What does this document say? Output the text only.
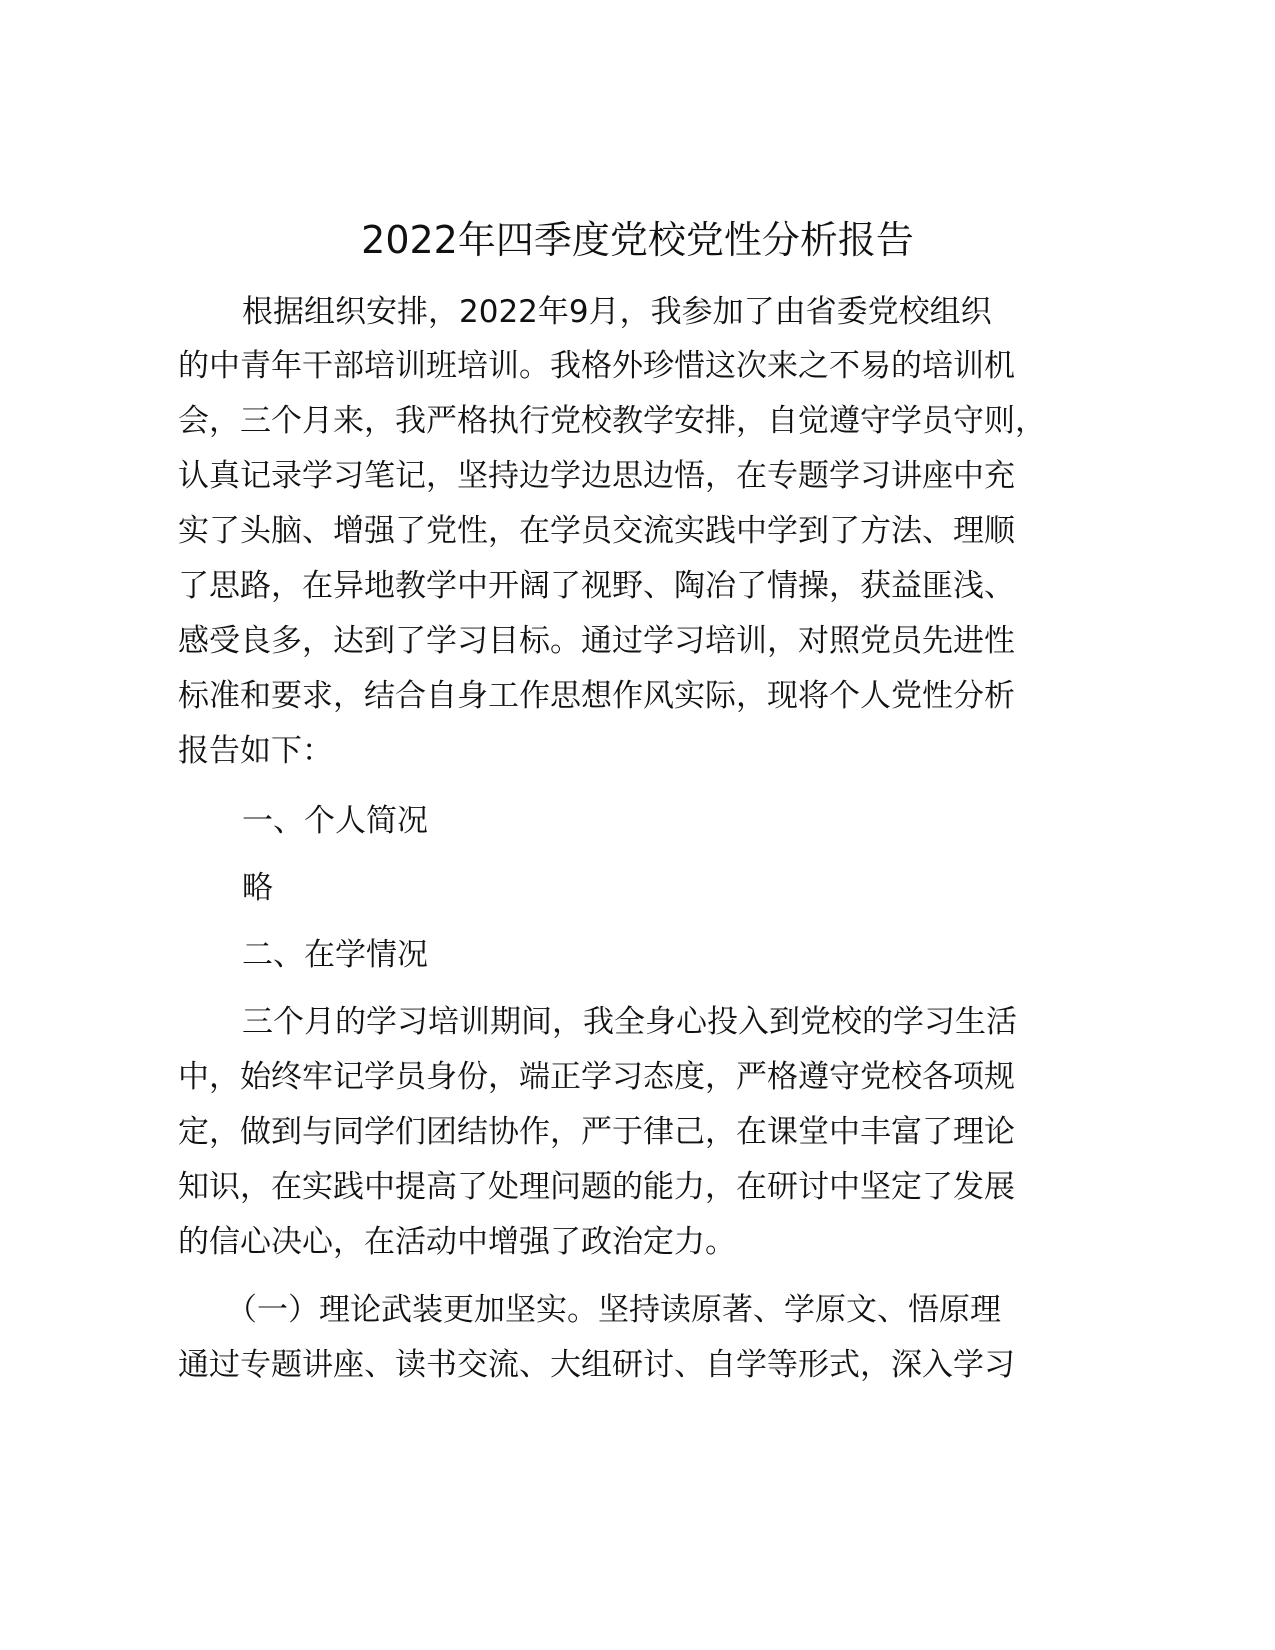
2022年四季度党校党性分析报告
根据组织安排，2022年9月，我参加了由省委党校组织
的中青年干部培训班培训。我格外珍惜这次来之不易的培训机
会，三个月来，我严格执行党校教学安排，自觉遵守学员守则，
认真记录学习笔记，坚持边学边思边悟，在专题学习讲座中充
实了头脑、增强了党性，在学员交流实践中学到了方法、理顺
了思路，在异地教学中开阔了视野、陶冶了情操，获益匪浅、
感受良多，达到了学习目标。通过学习培训，对照党员先进性
标准和要求，结合自身工作思想作风实际，现将个人党性分析
报告如下：
一、个人简况
略
二、在学情况
三个月的学习培训期间，我全身心投入到党校的学习生活
中，始终牢记学员身份，端正学习态度，严格遵守党校各项规
定，做到与同学们团结协作，严于律己，在课堂中丰富了理论
知识，在实践中提高了处理问题的能力，在研讨中坚定了发展
的信心决心，在活动中增强了政治定力。
（一）理论武装更加坚实。坚持读原著、学原文、悟原理
通过专题讲座、读书交流、大组研讨、自学等形式，深入学习
